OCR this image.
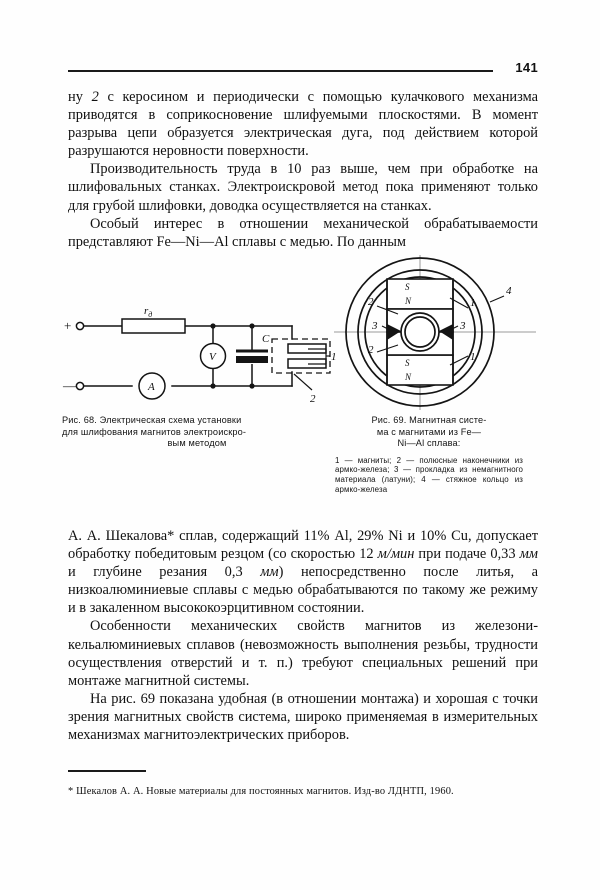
141

ну 2 с керосином и периодически с помощью кулачкового механизма приводятся в соприкосновение шлифуемыми плоскостями. В момент разрыва цепи образуется электрическая дуга, под действием которой разрушаются неровности поверхности.

Производительность труда в 10 раз выше, чем при обработке на шлифовальных станках. Электроискровой метод пока применяют только для грубой шлифовки, доводка осуществляется на станках.

Особый интерес в отношении механической обрабатываемости представляют Fe—Ni—Al сплавы с медью. По данным

+
—
$r_д$
V
A
C
1
2
S
N
S
N
1
1
2
2
3	3
4
Рис. 68. Электрическая схема установки
для шлифования магнитов электроискро-
вым методом
Рис. 69. Магнитная систе-
ма с магнитами из Fe—
Ni—Al сплава:
1 — магниты; 2 — полюсные наконечники из армко-железа; 3 — прокладка из немагнитного материала (латуни); 4 — стяжное кольцо из армко-железа

А. А. Шекалова* сплав, содержащий 11% Al, 29% Ni и 10% Cu, допускает обработку победитовым резцом (со скоростью 12 м/мин при подаче 0,33 мм и глубине резания 0,3 мм) непосредственно после литья, а низкоалюминиевые сплавы с медью обрабатываются по такому же режиму и в закаленном высококоэрцитивном состоянии.

Особенности механических свойств магнитов из железоникельалюминиевых сплавов (невозможность выполнения резьбы, трудности осуществления отверстий и т. п.) требуют специальных решений при монтаже магнитной системы.

На рис. 69 показана удобная (в отношении монтажа) и хорошая с точки зрения магнитных свойств система, широко применяемая в измерительных механизмах магнитоэлектрических приборов.

* Шекалов А. А. Новые материалы для постоянных магнитов. Изд-во ЛДНТП, 1960.
